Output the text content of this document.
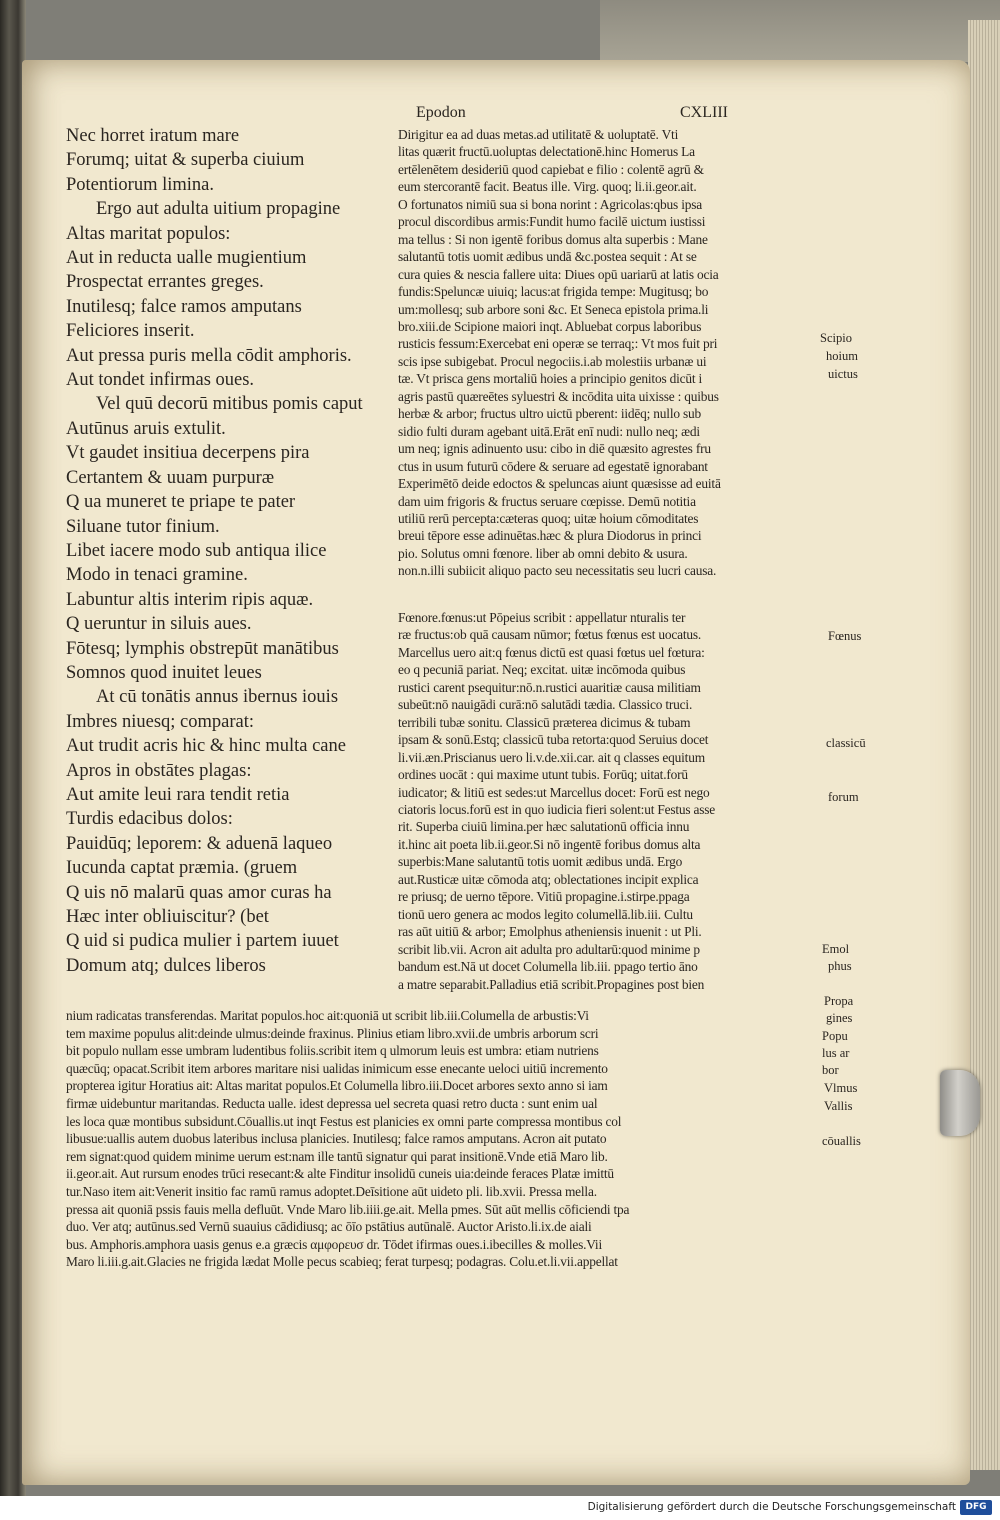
Epodon	CXLIII
Nec horret iratum mare
Forumq; uitat & superba ciuium
Potentiorum limina.
Ergo aut adulta uitium propagine
Altas maritat populos:
Aut in reducta ualle mugientium
Prospectat errantes greges.
Inutilesq; falce ramos amputans
Feliciores inserit.
Aut pressa puris mella cōdit amphoris.
Aut tondet infirmas oues.
Vel quū decorū mitibus pomis caput
Autūnus aruis extulit.
Vt gaudet insitiua decerpens pira
Certantem & uuam purpuræ
Q ua muneret te priape te pater
Siluane tutor finium.
Libet iacere modo sub antiqua ilice
Modo in tenaci gramine.
Labuntur altis interim ripis aquæ.
Q ueruntur in siluis aues.
Fōtesq; lymphis obstrepūt manātibus
Somnos quod inuitet leues
At cū tonātis annus ibernus iouis
Imbres niuesq; comparat:
Aut trudit acris hic & hinc multa cane
Apros in obstātes plagas:
Aut amite leui rara tendit retia
Turdis edacibus dolos:
Pauidūq; leporem: & aduenā laqueo
Iucunda captat præmia. (gruem
Q uis nō malarū quas amor curas ha
Hæc inter obliuiscitur? (bet
Q uid si pudica mulier i partem iuuet
Domum atq; dulces liberos
Dirigitur ea ad duas metas.ad utilitatē & uoluptatē. Vti
litas quærit fructū.uoluptas delectationē.hinc Homerus La
ertēlenētem desideriū quod capiebat e filio : colentē agrū &
eum stercorantē facit. Beatus ille. Virg. quoq; li.ii.geor.ait.
O fortunatos nimiū sua si bona norint : Agricolas:qbus ipsa
procul discordibus armis:Fundit humo facilē uictum iustissi
ma tellus : Si non igentē foribus domus alta superbis : Mane
salutantū totis uomit ædibus undā &c.postea sequit : At se
cura quies & nescia fallere uita: Diues opū uariarū at latis ocia
fundis:Speluncæ uiuiq; lacus:at frigida tempe: Mugitusq; bo
um:mollesq; sub arbore soni &c. Et Seneca epistola prima.li
bro.xiii.de Scipione maiori inqt. Abluebat corpus laboribus
rusticis fessum:Exercebat eni operæ se terraq;: Vt mos fuit pri
scis ipse subigebat. Procul negociis.i.ab molestiis urbanæ ui
tæ. Vt prisca gens mortaliū hoies a principio genitos dicūt i
agris pastū quæreētes syluestri & incōdita uita uixisse : quibus
herbæ & arbor; fructus ultro uictū pberent: iidēq; nullo sub
sidio fulti duram agebant uitā.Erāt enī nudi: nullo neq; ædi
um neq; ignis adinuento usu: cibo in diē quæsito agrestes fru
ctus in usum futurū cōdere & seruare ad egestatē ignorabant
Experimētō deide edoctos & speluncas aiunt quæsisse ad euitā
dam uim frigoris & fructus seruare cœpisse. Demū notitia
utiliū rerū percepta:cæteras quoq; uitæ hoium cōmoditates
breui tēpore esse adinuētas.hæc & plura Diodorus in princi
pio. Solutus omni fœnore. liber ab omni debito & usura.
non.n.illi subiicit aliquo pacto seu necessitatis seu lucri causa.
Fœnore.fœnus:ut Pōpeius scribit : appellatur nturalis ter
ræ fructus:ob quā causam nūmor; fœtus fœnus est uocatus.
Marcellus uero ait:q fœnus dictū est quasi fœtus uel fœtura:
eo q pecuniā pariat. Neq; excitat. uitæ incōmoda quibus
rustici carent psequitur:nō.n.rustici auaritiæ causa militiam
subeūt:nō nauigādi curā:nō salutādi tædia. Classico truci.
terribili tubæ sonitu. Classicū præterea dicimus & tubam
ipsam & sonū.Estq; classicū tuba retorta:quod Seruius docet
li.vii.æn.Priscianus uero li.v.de.xii.car. ait q classes equitum
ordines uocāt : qui maxime utunt tubis. Forūq; uitat.forū
iudicator; & litiū est sedes:ut Marcellus docet: Forū est nego
ciatoris locus.forū est in quo iudicia fieri solent:ut Festus asse
rit. Superba ciuiū limina.per hæc salutationū officia innu
it.hinc ait poeta lib.ii.geor.Si nō ingentē foribus domus alta
superbis:Mane salutantū totis uomit ædibus undā. Ergo
aut.Rusticæ uitæ cōmoda atq; oblectationes incipit explica
re priusq; de uerno tēpore. Vitiū propagine.i.stirpe.ppaga
tionū uero genera ac modos legito columellā.lib.iii. Cultu
ras aūt uitiū & arbor; Emolphus atheniensis inuenit : ut Pli.
scribit lib.vii. Acron ait adulta pro adultarū:quod minime p
bandum est.Nā ut docet Columella lib.iii. ppago tertio āno
a matre separabit.Palladius etiā scribit.Propagines post bien
nium radicatas transferendas. Maritat populos.hoc ait:quoniā ut scribit lib.iii.Columella de arbustis:Vi
tem maxime populus alit:deinde ulmus:deinde fraxinus. Plinius etiam libro.xvii.de umbris arborum scri
bit populo nullam esse umbram ludentibus foliis.scribit item q ulmorum leuis est umbra: etiam nutriens
quæcūq; opacat.Scribit item arbores maritare nisi ualidas inimicum esse enecante ueloci uitiū incremento
propterea igitur Horatius ait: Altas maritat populos.Et Columella libro.iii.Docet arbores sexto anno si iam
firmæ uidebuntur maritandas. Reducta ualle. idest depressa uel secreta quasi retro ducta : sunt enim ual
les loca quæ montibus subsidunt.Cōuallis.ut inqt Festus est planicies ex omni parte compressa montibus col
libusue:uallis autem duobus lateribus inclusa planicies. Inutilesq; falce ramos amputans. Acron ait putato
rem signat:quod quidem minime uerum est:nam ille tantū signatur qui parat insitionē.Vnde etiā Maro lib.
ii.geor.ait. Aut rursum enodes trūci resecant:& alte Finditur insolidū cuneis uia:deinde feraces Platæ imittū
tur.Naso item ait:Venerit insitio fac ramū ramus adoptet.Deīsitione aūt uideto pli. lib.xvii. Pressa mella.
pressa ait quoniā pssis fauis mella defluūt. Vnde Maro lib.iiii.ge.ait. Mella pmes. Sūt aūt mellis cōficiendi tpa
duo. Ver atq; autūnus.sed Vernū suauius cādidiusq; ac ōīo pstātius autūnalē. Auctor Aristo.li.ix.de aiali
bus. Amphoris.amphora uasis genus e.a græcis αμφορευσ dr. Tōdet ifirmas oues.i.ibecilles & molles.Vii
Maro li.iii.g.ait.Glacies ne frigida lædat Molle pecus scabieq; ferat turpesq; podagras. Colu.et.li.vii.appellat
Scipio
hoium
uictus
Fœnus
classicū
forum
Emol
phus
Propa
gines
Popu
lus ar
bor
Vlmus
Vallis
cōuallis
Digitalisierung gefördert durch die Deutsche Forschungsgemeinschaft	DFG
